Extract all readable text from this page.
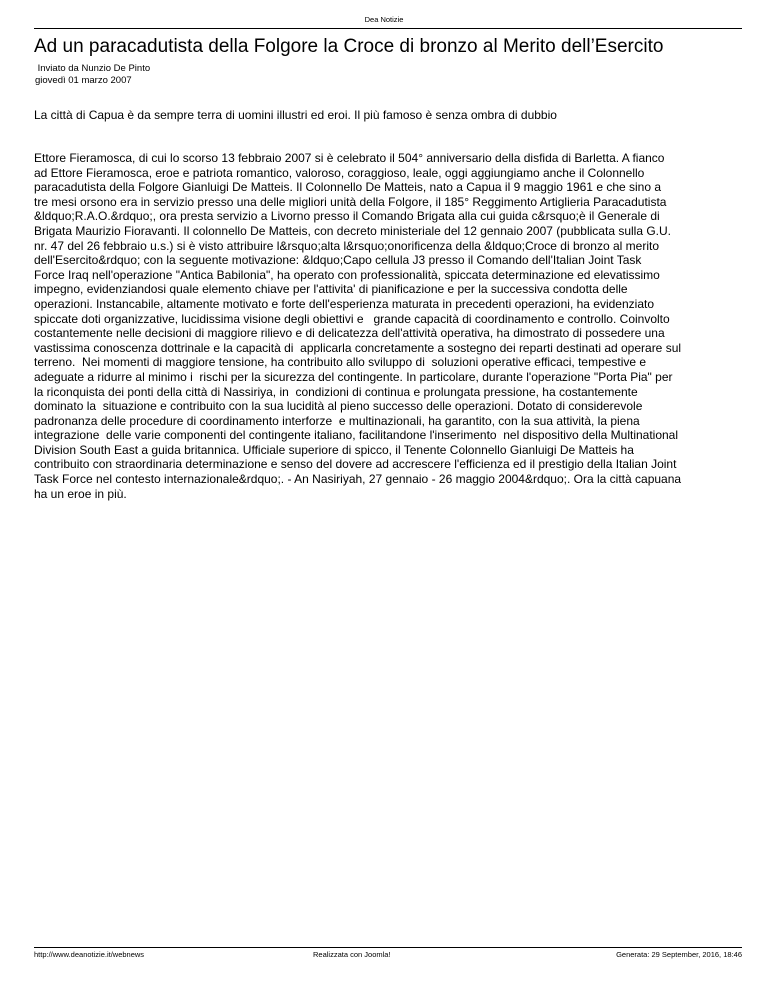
Dea Notizie
Ad un paracadutista della Folgore la Croce di bronzo al Merito dell’Esercito
Inviato da Nunzio De Pinto
giovedì 01 marzo 2007

La città di Capua è da sempre terra di uomini illustri ed eroi. Il più famoso è senza ombra di dubbio

Ettore Fieramosca, di cui lo scorso 13 febbraio 2007 si è celebrato il 504° anniversario della disfida di Barletta. A fianco
ad Ettore Fieramosca, eroe e patriota romantico, valoroso, coraggioso, leale, oggi aggiungiamo anche il Colonnello
paracadutista della Folgore Gianluigi De Matteis. Il Colonnello De Matteis, nato a Capua il 9 maggio 1961 e che sino a
tre mesi orsono era in servizio presso una delle migliori unità della Folgore, il 185° Reggimento Artiglieria Paracadutista
&ldquo;R.A.O.&rdquo;, ora presta servizio a Livorno presso il Comando Brigata alla cui guida c&rsquo;è il Generale di
Brigata Maurizio Fioravanti. Il colonnello De Matteis, con decreto ministeriale del 12 gennaio 2007 (pubblicata sulla G.U.
nr. 47 del 26 febbraio u.s.) si è visto attribuire l&rsquo;alta l&rsquo;onorificenza della &ldquo;Croce di bronzo al merito
dell'Esercito&rdquo; con la seguente motivazione: &ldquo;Capo cellula J3 presso il Comando dell'Italian Joint Task
Force Iraq nell'operazione "Antica Babilonia", ha operato con professionalità, spiccata determinazione ed elevatissimo
impegno, evidenziandosi quale elemento chiave per l'attivita' di pianificazione e per la successiva condotta delle
operazioni. Instancabile, altamente motivato e forte dell'esperienza maturata in precedenti operazioni, ha evidenziato
spiccate doti organizzative, lucidissima visione degli obiettivi e   grande capacità di coordinamento e controllo. Coinvolto
costantemente nelle decisioni di maggiore rilievo e di delicatezza dell'attività operativa, ha dimostrato di possedere una
vastissima conoscenza dottrinale e la capacità di  applicarla concretamente a sostegno dei reparti destinati ad operare sul
terreno.  Nei momenti di maggiore tensione, ha contribuito allo sviluppo di  soluzioni operative efficaci, tempestive e
adeguate a ridurre al minimo i  rischi per la sicurezza del contingente. In particolare, durante l'operazione "Porta Pia" per
la riconquista dei ponti della città di Nassiriya, in  condizioni di continua e prolungata pressione, ha costantemente
dominato la  situazione e contribuito con la sua lucidità al pieno successo delle operazioni. Dotato di considerevole
padronanza delle procedure di coordinamento interforze  e multinazionali, ha garantito, con la sua attività, la piena
integrazione  delle varie componenti del contingente italiano, facilitandone l'inserimento  nel dispositivo della Multinational
Division South East a guida britannica. Ufficiale superiore di spicco, il Tenente Colonnello Gianluigi De Matteis ha
contribuito con straordinaria determinazione e senso del dovere ad accrescere l'efficienza ed il prestigio della Italian Joint
Task Force nel contesto internazionale&rdquo;. - An Nasiriyah, 27 gennaio - 26 maggio 2004&rdquo;. Ora la città capuana
ha un eroe in più.
http://www.deanotizie.it/webnews	Realizzata con Joomla!	Generata: 29 September, 2016, 18:46
